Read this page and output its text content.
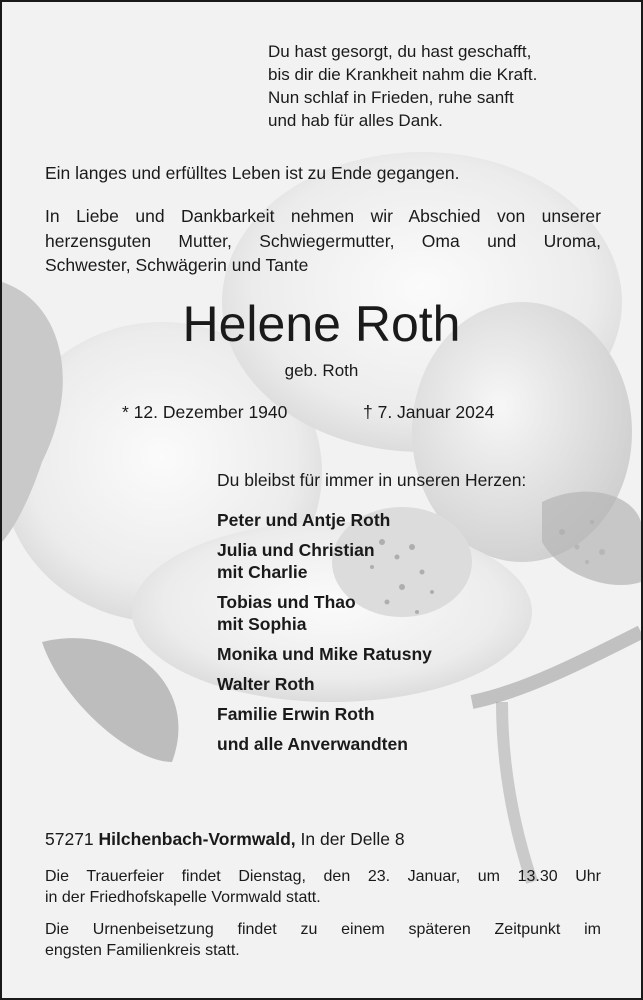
Du hast gesorgt, du hast geschafft,
bis dir die Krankheit nahm die Kraft.
Nun schlaf in Frieden, ruhe sanft
und hab für alles Dank.
Ein langes und erfülltes Leben ist zu Ende gegangen.
In Liebe und Dankbarkeit nehmen wir Abschied von unserer
herzensguten Mutter, Schwiegermutter, Oma und Uroma,
Schwester, Schwägerin und Tante
Helene Roth
geb. Roth
* 12. Dezember 1940	† 7. Januar 2024
Du bleibst für immer in unseren Herzen:
Peter und Antje Roth
Julia und Christian
mit Charlie
Tobias und Thao
mit Sophia
Monika und Mike Ratusny
Walter Roth
Familie Erwin Roth
und alle Anverwandten
57271 Hilchenbach-Vormwald, In der Delle 8
Die Trauerfeier findet Dienstag, den 23. Januar, um 13.30 Uhr
in der Friedhofskapelle Vormwald statt.
Die Urnenbeisetzung findet zu einem späteren Zeitpunkt im
engsten Familienkreis statt.
